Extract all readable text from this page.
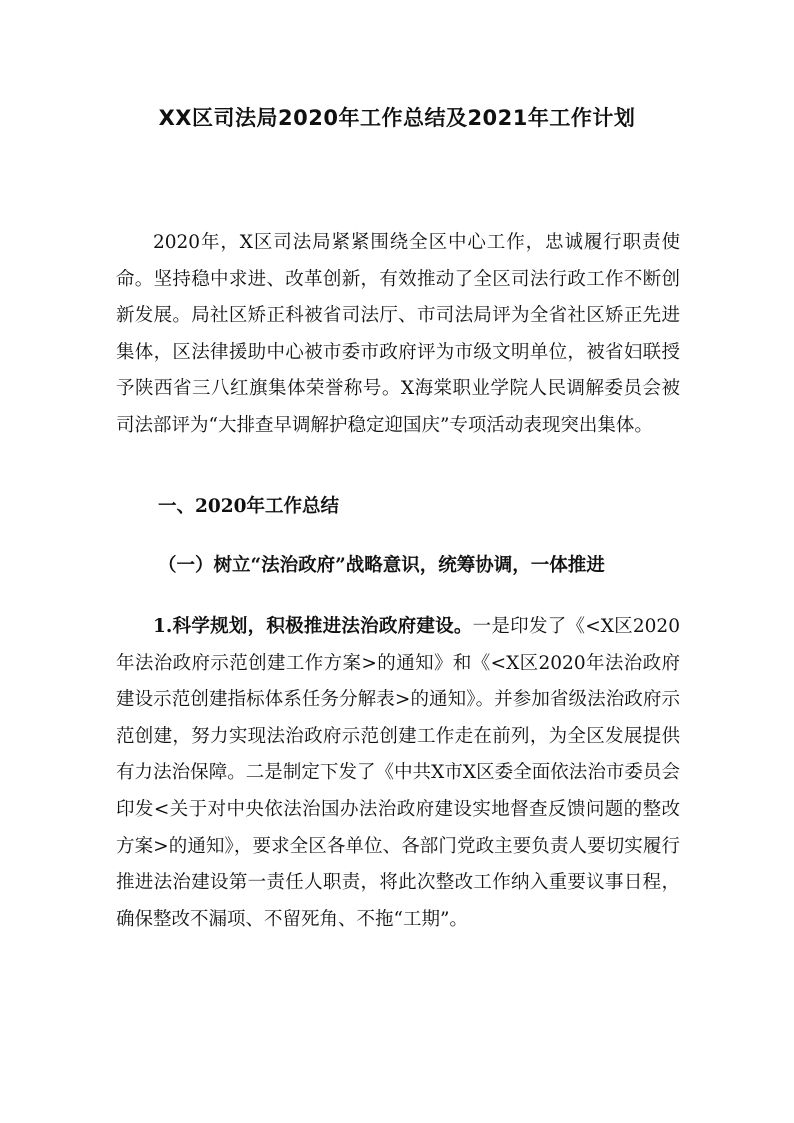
XX区司法局2020年工作总结及2021年工作计划

2020年，X区司法局紧紧围绕全区中心工作，忠诚履行职责使命。坚持稳中求进、改革创新，有效推动了全区司法行政工作不断创新发展。局社区矫正科被省司法厅、市司法局评为全省社区矫正先进集体，区法律援助中心被市委市政府评为市级文明单位，被省妇联授予陕西省三八红旗集体荣誉称号。X海棠职业学院人民调解委员会被司法部评为“大排查早调解护稳定迎国庆”专项活动表现突出集体。

一、2020年工作总结

（一）树立“法治政府”战略意识，统筹协调，一体推进

1.科学规划，积极推进法治政府建设。一是印发了《<X区2020年法治政府示范创建工作方案>的通知》和《<X区2020年法治政府建设示范创建指标体系任务分解表>的通知》。并参加省级法治政府示范创建，努力实现法治政府示范创建工作走在前列，为全区发展提供有力法治保障。二是制定下发了《中共X市X区委全面依法治市委员会印发<关于对中央依法治国办法治政府建设实地督查反馈问题的整改方案>的通知》，要求全区各单位、各部门党政主要负责人要切实履行推进法治建设第一责任人职责，将此次整改工作纳入重要议事日程，确保整改不漏项、不留死角、不拖“工期”。
